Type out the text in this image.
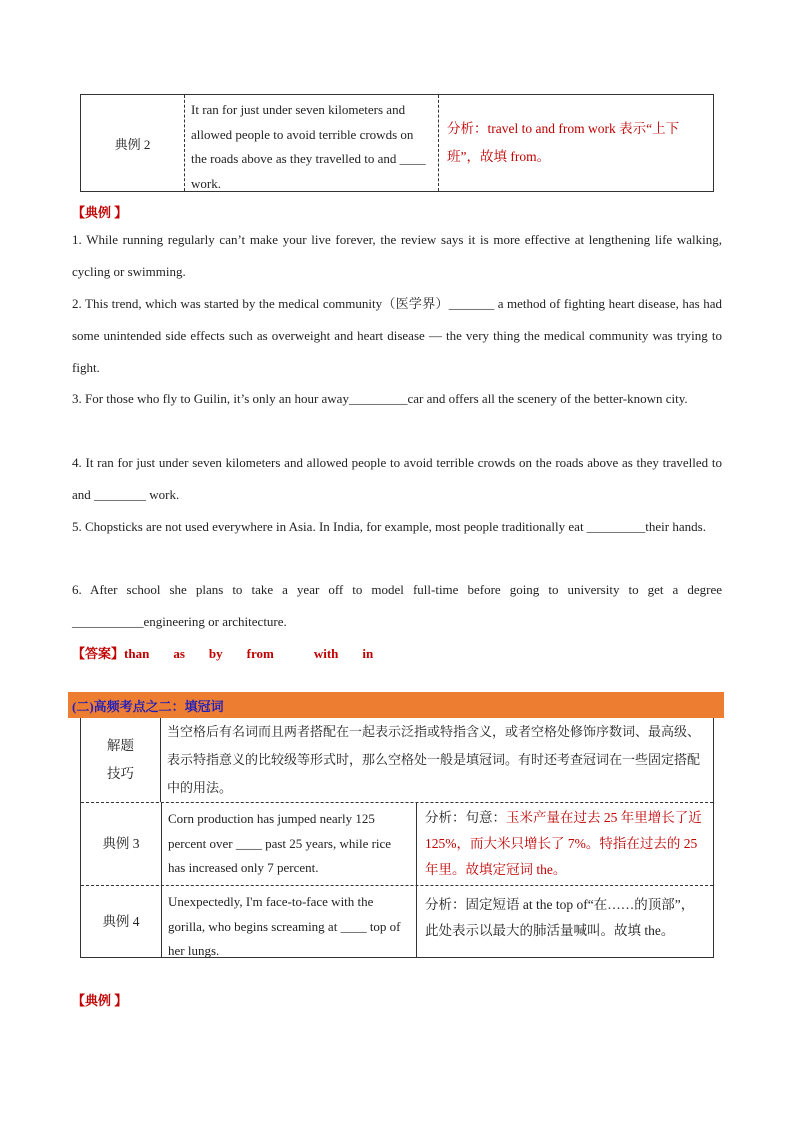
典例 2
It ran for just under seven kilometers and allowed people to avoid terrible crowds on the roads above as they travelled to and ____ work.
分析：travel to and from work 表示“上下班”，故填 from。
【典例 】
1. While running regularly can’t make your live forever, the review says it is more effective at lengthening life walking, cycling or swimming.
2. This trend, which was started by the medical community（医学界）_______ a method of fighting heart disease, has had some unintended side effects such as overweight and heart disease — the very thing the medical community was trying to fight.
3. For those who fly to Guilin, it’s only an hour away_________car and offers all the scenery of the better-known city.
4. It ran for just under seven kilometers and allowed people to avoid terrible crowds on the roads above as they travelled to and ________ work.
5. Chopsticks are not used everywhere in Asia. In India, for example, most people traditionally eat _________their hands.
6. After school she plans to take a year off to model full-time before going to university to get a degree ___________engineering or architecture.
【答案】than as by from	with in
(二)高频考点之二：填冠词
解题技巧
当空格后有名词而且两者搭配在一起表示泛指或特指含义，或者空格处修饰序数词、最高级、表示特指意义的比较级等形式时，那么空格处一般是填冠词。有时还考查冠词在一些固定搭配中的用法。
典例 3
Corn production has jumped nearly 125 percent over ____ past 25 years, while rice has increased only 7 percent.
分析：句意：玉米产量在过去 25 年里增长了近 125%，而大米只增长了 7%。特指在过去的 25 年里。故填定冠词 the。
典例 4
Unexpectedly, I'm face-to-face with the gorilla, who begins screaming at ____ top of her lungs.
分析：固定短语 at the top of“在……的顶部”，此处表示以最大的肺活量喊叫。故填 the。
【典例 】
